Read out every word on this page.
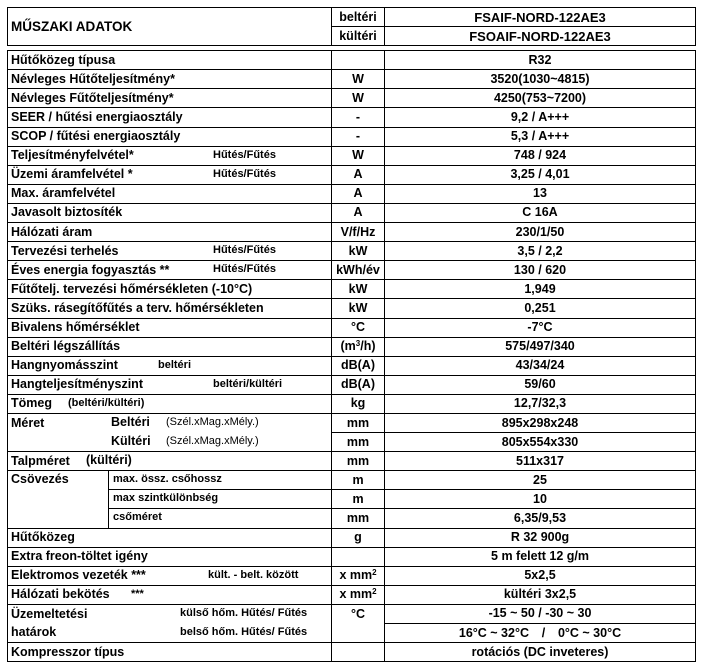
MŰSZAKI ADATOK	beltéri	FSAIF-NORD-122AE3
	kültéri	FSOAIF-NORD-122AE3

Hűtőközeg típusa		R32
Névleges Hűtőteljesítmény*	W	3520(1030~4815)
Névleges Fűtőteljesítmény*	W	4250(753~7200)
SEER / hűtési energiaosztály	-	9,2 / A+++
SCOP / fűtési energiaosztály	-	5,3 / A+++
Teljesítményfelvétel* Hűtés/Fűtés	W	748 / 924
Üzemi áramfelvétel * Hűtés/Fűtés	A	3,25 / 4,01
Max. áramfelvétel	A	13
Javasolt biztosíték	A	C 16A
Hálózati áram	V/f/Hz	230/1/50
Tervezési terhelés Hűtés/Fűtés	kW	3,5 / 2,2
Éves energia fogyasztás ** Hűtés/Fűtés	kWh/év	130 / 620
Fűtőtelj. tervezési hőmérsékleten (-10°C)	kW	1,949
Szüks. rásegítőfűtés a terv. hőmérsékleten	kW	0,251
Bivalens hőmérséklet	°C	-7°C
Beltéri légszállítás	$(m^3/h)$	575/497/340
Hangnyomásszint beltéri	dB(A)	43/34/24
Hangteljesítményszint beltéri/kültéri	dB(A)	59/60
Tömeg (beltéri/kültéri)	kg	12,7/32,3
Méret Beltéri (Szél.xMag.xMély.)	mm	895x298x248

Kültéri (Szél.xMag.xMély.)	mm	805x554x330
Talpméret (kültéri)	mm	511x317

Csövezés max. össz. csőhossz	m	25

max szintkülönbség	m	10

csőméret	mm	6,35/9,53
Hűtőközeg	g	R 32 900g
Extra freon-töltet igény		5 m felett 12 g/m
Elektromos vezeték *** kült. - belt. között	x $mm^2$	5x2,5
Hálózati bekötés ***	x $mm^2$	kültéri 3x2,5
Üzemeltetési külső hőm. Hűtés/ Fűtés	°C	-15 ~ 50 / -30 ~ 30
határok belső hőm. Hűtés/ Fűtés		16°C ~ 32°C / 0°C ~ 30°C
Kompresszor típus		rotációs (DC inveteres)
